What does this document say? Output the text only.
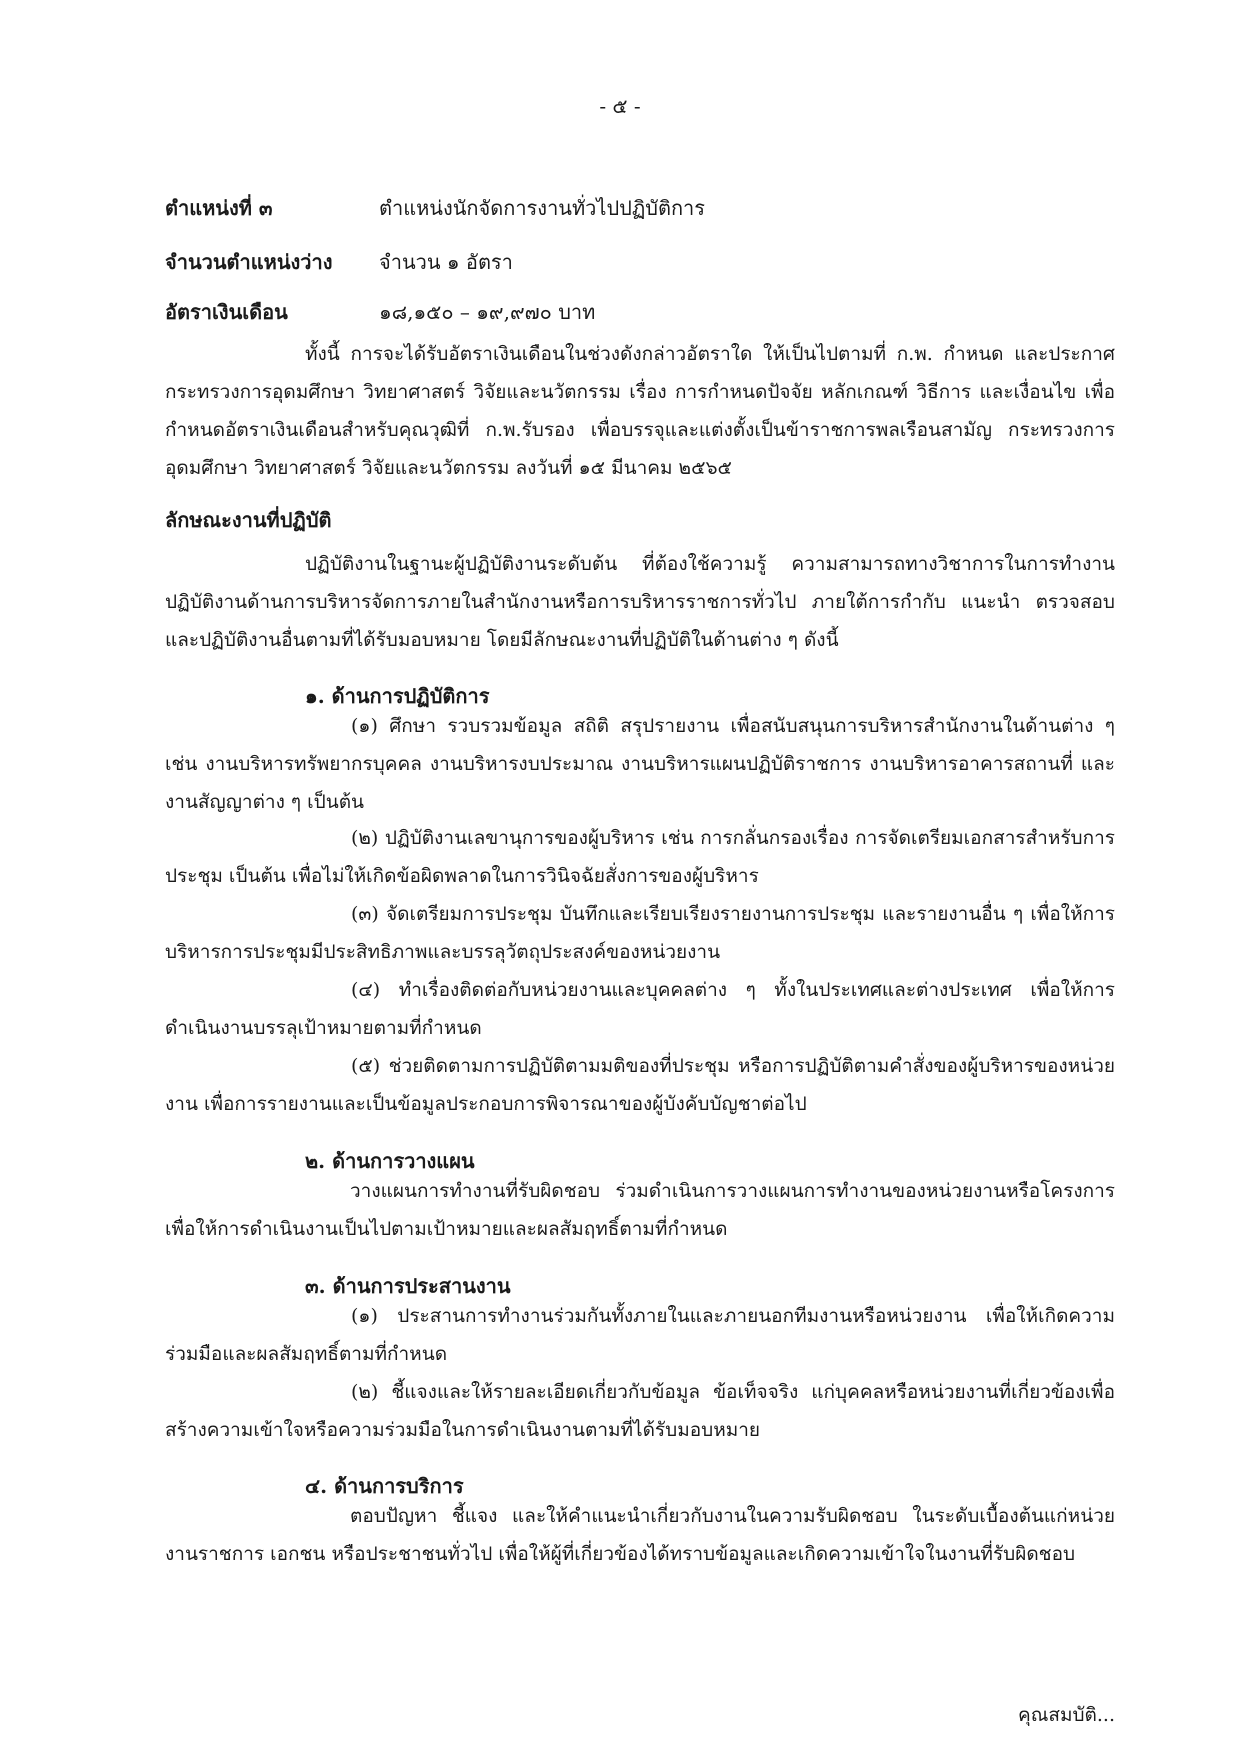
- ๕ -
ตำแหน่งที่ ๓	ตำแหน่งนักจัดการงานทั่วไปปฏิบัติการ
จำนวนตำแหน่งว่าง จำนวน ๑ อัตรา
อัตราเงินเดือน	๑๘,๑๕๐ – ๑๙,๙๗๐ บาท
ทั้งนี้ การจะได้รับอัตราเงินเดือนในช่วงดังกล่าวอัตราใด ให้เป็นไปตามที่ ก.พ. กำหนด และประกาศกระทรวงการอุดมศึกษา วิทยาศาสตร์ วิจัยและนวัตกรรม เรื่อง การกำหนดปัจจัย หลักเกณฑ์ วิธีการ และเงื่อนไข เพื่อกำหนดอัตราเงินเดือนสำหรับคุณวุฒิที่ ก.พ.รับรอง เพื่อบรรจุและแต่งตั้งเป็นข้าราชการพลเรือนสามัญ กระทรวงการอุดมศึกษา วิทยาศาสตร์ วิจัยและนวัตกรรม ลงวันที่ ๑๕ มีนาคม ๒๕๖๕
ลักษณะงานที่ปฏิบัติ
ปฏิบัติงานในฐานะผู้ปฏิบัติงานระดับต้น ที่ต้องใช้ความรู้ ความสามารถทางวิชาการในการทำงาน ปฏิบัติงานด้านการบริหารจัดการภายในสำนักงานหรือการบริหารราชการทั่วไป ภายใต้การกำกับ แนะนำ ตรวจสอบ และปฏิบัติงานอื่นตามที่ได้รับมอบหมาย โดยมีลักษณะงานที่ปฏิบัติในด้านต่าง ๆ ดังนี้
๑. ด้านการปฏิบัติการ
(๑) ศึกษา รวบรวมข้อมูล สถิติ สรุปรายงาน เพื่อสนับสนุนการบริหารสำนักงานในด้านต่าง ๆ เช่น งานบริหารทรัพยากรบุคคล งานบริหารงบประมาณ งานบริหารแผนปฏิบัติราชการ งานบริหารอาคารสถานที่ และงานสัญญาต่าง ๆ เป็นต้น
(๒) ปฏิบัติงานเลขานุการของผู้บริหาร เช่น การกลั่นกรองเรื่อง การจัดเตรียมเอกสารสำหรับการประชุม เป็นต้น เพื่อไม่ให้เกิดข้อผิดพลาดในการวินิจฉัยสั่งการของผู้บริหาร
(๓) จัดเตรียมการประชุม บันทึกและเรียบเรียงรายงานการประชุม และรายงานอื่น ๆ เพื่อให้การบริหารการประชุมมีประสิทธิภาพและบรรลุวัตถุประสงค์ของหน่วยงาน
(๔) ทำเรื่องติดต่อกับหน่วยงานและบุคคลต่าง ๆ ทั้งในประเทศและต่างประเทศ เพื่อให้การดำเนินงานบรรลุเป้าหมายตามที่กำหนด
(๕) ช่วยติดตามการปฏิบัติตามมติของที่ประชุม หรือการปฏิบัติตามคำสั่งของผู้บริหารของหน่วยงาน เพื่อการรายงานและเป็นข้อมูลประกอบการพิจารณาของผู้บังคับบัญชาต่อไป
๒. ด้านการวางแผน
วางแผนการทำงานที่รับผิดชอบ ร่วมดำเนินการวางแผนการทำงานของหน่วยงานหรือโครงการ เพื่อให้การดำเนินงานเป็นไปตามเป้าหมายและผลสัมฤทธิ์ตามที่กำหนด
๓. ด้านการประสานงาน
(๑) ประสานการทำงานร่วมกันทั้งภายในและภายนอกทีมงานหรือหน่วยงาน เพื่อให้เกิดความร่วมมือและผลสัมฤทธิ์ตามที่กำหนด
(๒) ชี้แจงและให้รายละเอียดเกี่ยวกับข้อมูล ข้อเท็จจริง แก่บุคคลหรือหน่วยงานที่เกี่ยวข้องเพื่อสร้างความเข้าใจหรือความร่วมมือในการดำเนินงานตามที่ได้รับมอบหมาย
๔. ด้านการบริการ
ตอบปัญหา ชี้แจง และให้คำแนะนำเกี่ยวกับงานในความรับผิดชอบ ในระดับเบื้องต้นแก่หน่วยงานราชการ เอกชน หรือประชาชนทั่วไป เพื่อให้ผู้ที่เกี่ยวข้องได้ทราบข้อมูลและเกิดความเข้าใจในงานที่รับผิดชอบ
คุณสมบัติ...
